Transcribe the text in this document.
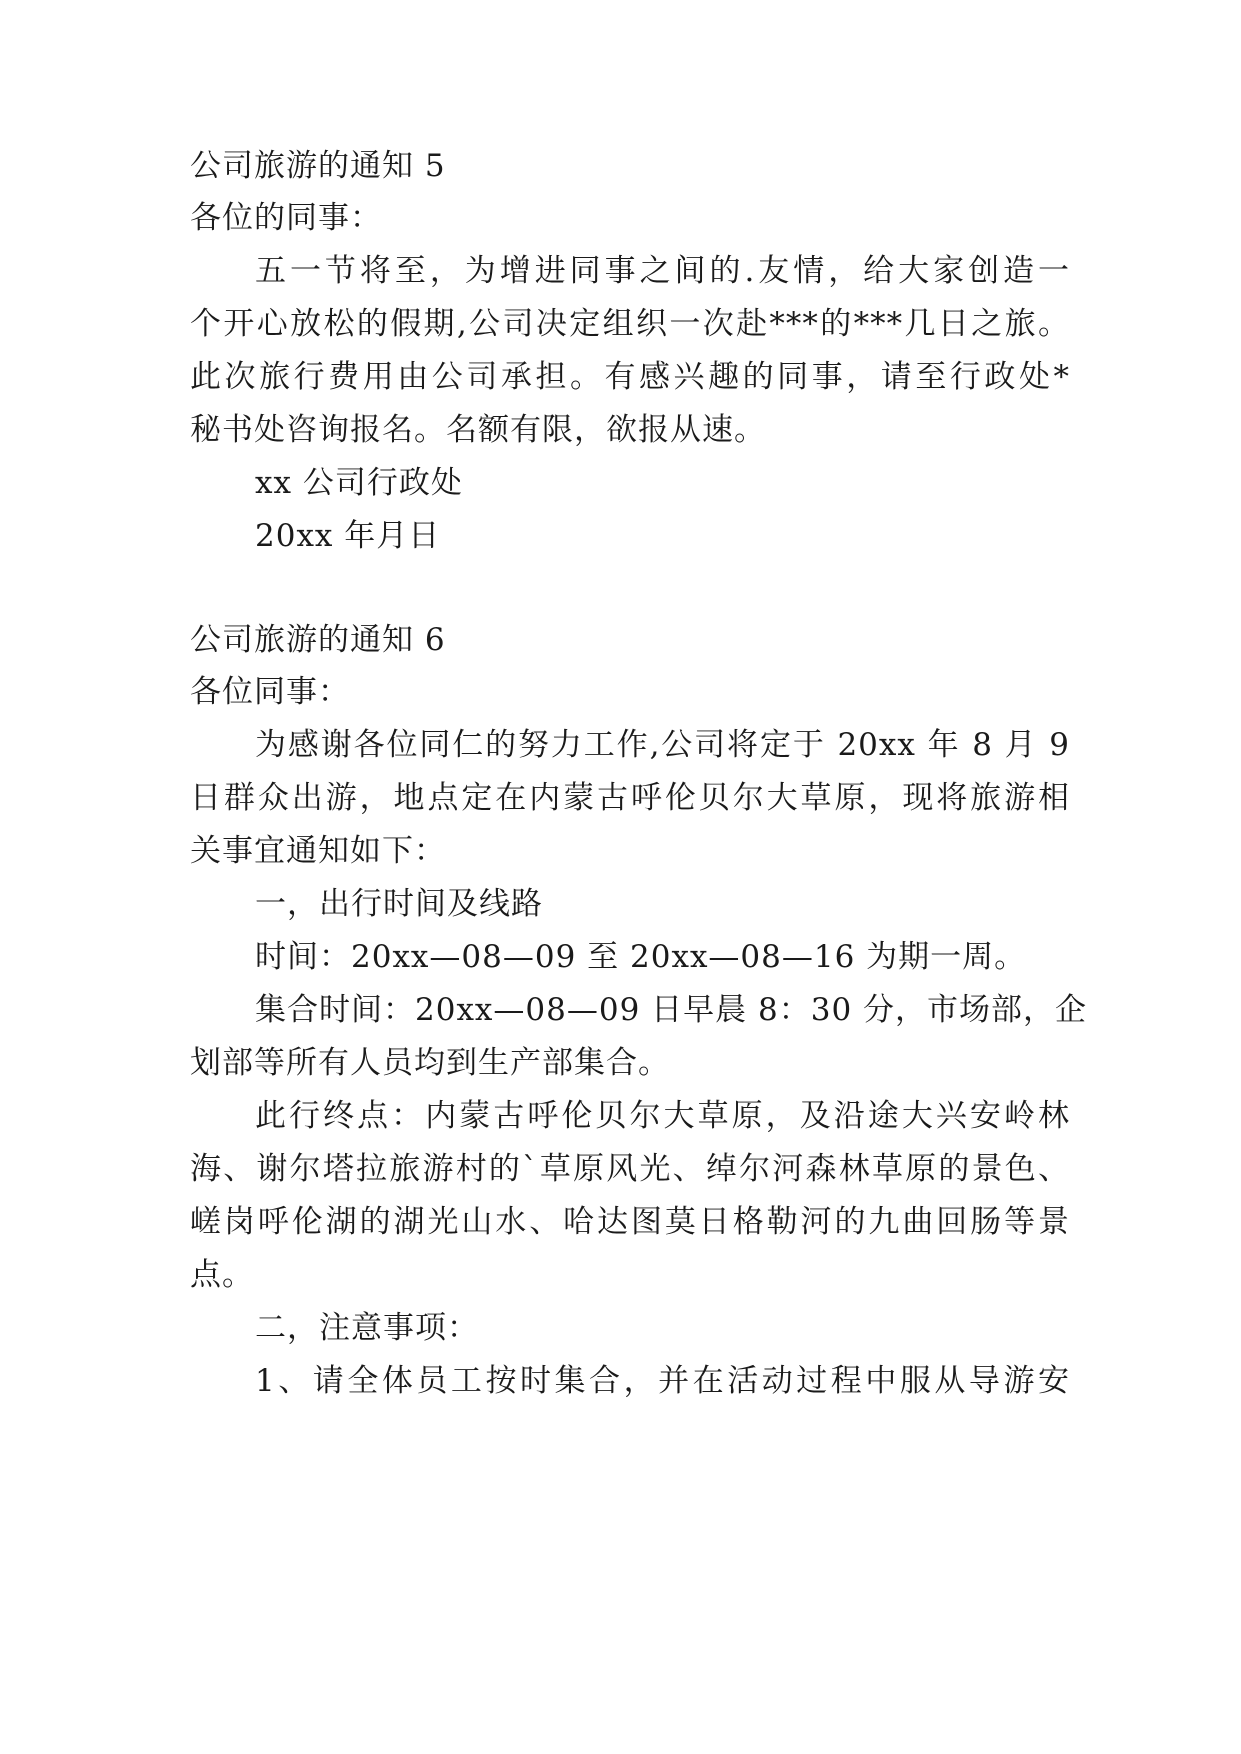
公司旅游的通知 5
各位的同事：
五一节将至，为增进同事之间的.友情，给大家创造一
个开心放松的假期,公司决定组织一次赴***的***几日之旅。
此次旅行费用由公司承担。有感兴趣的同事，请至行政处*
秘书处咨询报名。名额有限，欲报从速。
xx 公司行政处
20xx 年月日
公司旅游的通知 6
各位同事：
为感谢各位同仁的努力工作,公司将定于 20xx 年 8 月 9
日群众出游，地点定在内蒙古呼伦贝尔大草原，现将旅游相
关事宜通知如下：
一，出行时间及线路
时间：20xx—08—09 至 20xx—08—16 为期一周。
集合时间：20xx—08—09 日早晨 8：30 分，市场部，企
划部等所有人员均到生产部集合。
此行终点：内蒙古呼伦贝尔大草原，及沿途大兴安岭林
海、谢尔塔拉旅游村的`草原风光、绰尔河森林草原的景色、
嵯岗呼伦湖的湖光山水、哈达图莫日格勒河的九曲回肠等景
点。
二，注意事项：
1、请全体员工按时集合，并在活动过程中服从导游安
